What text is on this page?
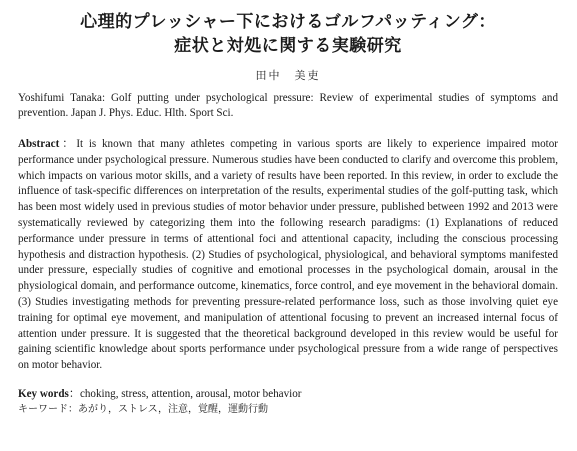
心理的プレッシャー下におけるゴルフパッティング：
症状と対処に関する実験研究
田中　美吏
Yoshifumi Tanaka: Golf putting under psychological pressure: Review of experimental studies of symptoms and prevention. Japan J. Phys. Educ. Hlth. Sport Sci.
Abstract：It is known that many athletes competing in various sports are likely to experience impaired motor performance under psychological pressure. Numerous studies have been conducted to clarify and overcome this problem, which impacts on various motor skills, and a variety of results have been reported. In this review, in order to exclude the influence of task-specific differences on interpretation of the results, experimental studies of the golf-putting task, which has been most widely used in previous studies of motor behavior under pressure, published between 1992 and 2013 were systematically reviewed by categorizing them into the following research paradigms: (1) Explanations of reduced performance under pressure in terms of attentional foci and attentional capacity, including the conscious processing hypothesis and distraction hypothesis. (2) Studies of psychological, physiological, and behavioral symptoms manifested under pressure, especially studies of cognitive and emotional processes in the psychological domain, arousal in the physiological domain, and performance outcome, kinematics, force control, and eye movement in the behavioral domain. (3) Studies investigating methods for preventing pressure-related performance loss, such as those involving quiet eye training for optimal eye movement, and manipulation of attentional focusing to prevent an increased internal focus of attention under pressure. It is suggested that the theoretical background developed in this review would be useful for gaining scientific knowledge about sports performance under psychological pressure from a wide range of perspectives on motor behavior.
Key words：choking, stress, attention, arousal, motor behavior
キーワード：あがり，ストレス，注意，覚醒，運動行動
